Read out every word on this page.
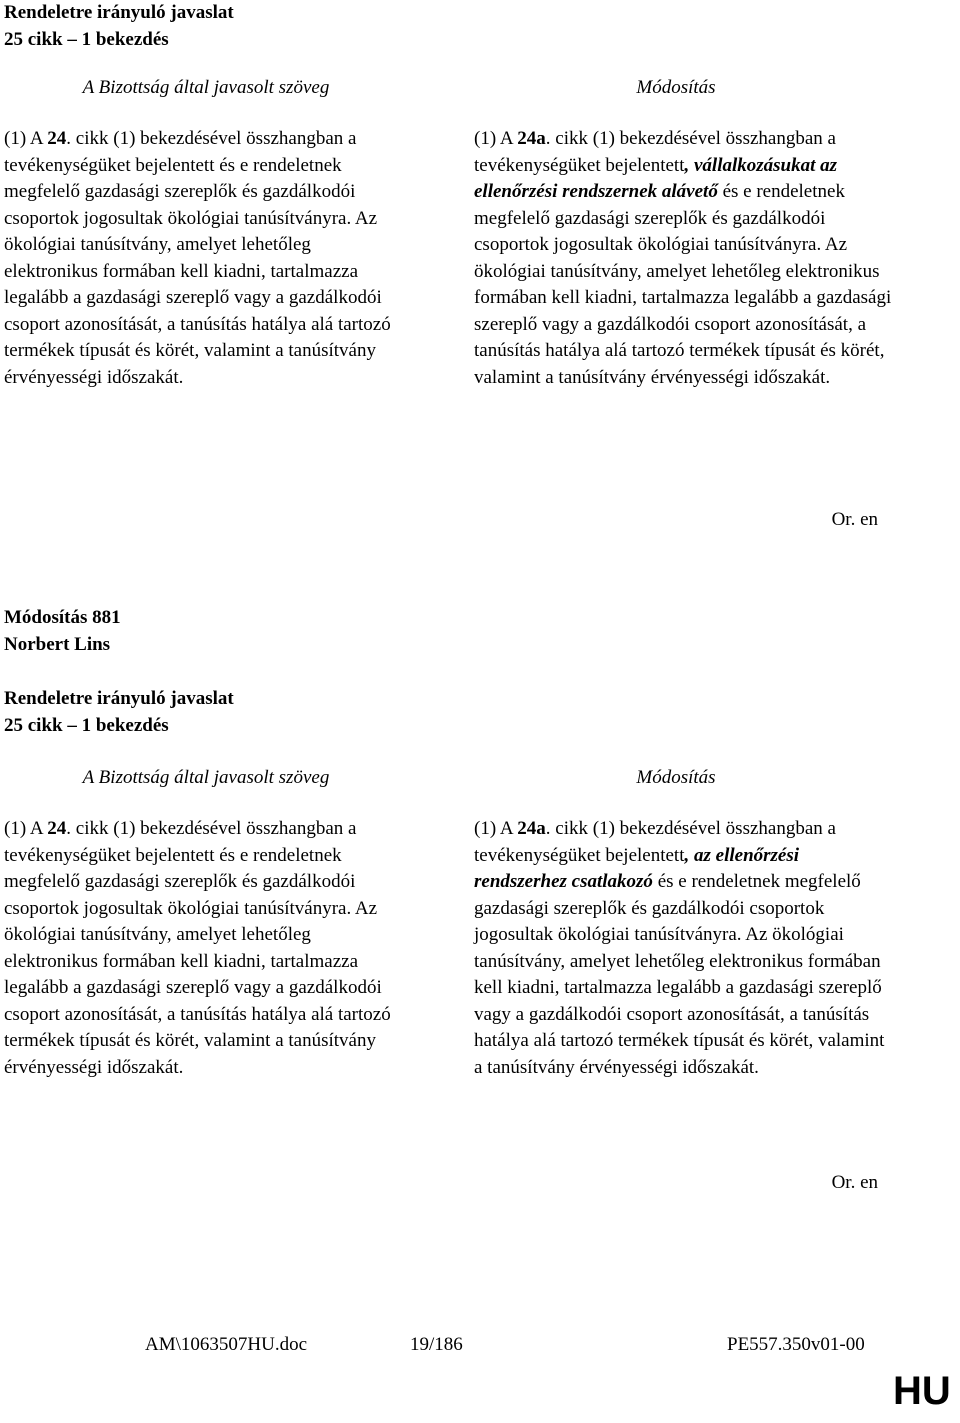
Rendeletre irányuló javaslat

25 cikk – 1 bekezdés

A Bizottság által javasolt szöveg	Módosítás
(1) A 24. cikk (1) bekezdésével összhangban a tevékenységüket bejelentett és e rendeletnek megfelelő gazdasági szereplők és gazdálkodói csoportok jogosultak ökológiai tanúsítványra. Az ökológiai tanúsítvány, amelyet lehetőleg elektronikus formában kell kiadni, tartalmazza legalább a gazdasági szereplő vagy a gazdálkodói csoport azonosítását, a tanúsítás hatálya alá tartozó termékek típusát és körét, valamint a tanúsítvány érvényességi időszakát.
(1) A 24a. cikk (1) bekezdésével összhangban a tevékenységüket bejelentett, vállalkozásukat az ellenőrzési rendszernek alávető és e rendeletnek megfelelő gazdasági szereplők és gazdálkodói csoportok jogosultak ökológiai tanúsítványra. Az ökológiai tanúsítvány, amelyet lehetőleg elektronikus formában kell kiadni, tartalmazza legalább a gazdasági szereplő vagy a gazdálkodói csoport azonosítását, a tanúsítás hatálya alá tartozó termékek típusát és körét, valamint a tanúsítvány érvényességi időszakát.
Or. en

Módosítás 881

Norbert Lins

Rendeletre irányuló javaslat

25 cikk – 1 bekezdés

A Bizottság által javasolt szöveg	Módosítás
(1) A 24. cikk (1) bekezdésével összhangban a tevékenységüket bejelentett és e rendeletnek megfelelő gazdasági szereplők és gazdálkodói csoportok jogosultak ökológiai tanúsítványra. Az ökológiai tanúsítvány, amelyet lehetőleg elektronikus formában kell kiadni, tartalmazza legalább a gazdasági szereplő vagy a gazdálkodói csoport azonosítását, a tanúsítás hatálya alá tartozó termékek típusát és körét, valamint a tanúsítvány érvényességi időszakát.
(1) A 24a. cikk (1) bekezdésével összhangban a tevékenységüket bejelentett, az ellenőrzési rendszerhez csatlakozó és e rendeletnek megfelelő gazdasági szereplők és gazdálkodói csoportok jogosultak ökológiai tanúsítványra. Az ökológiai tanúsítvány, amelyet lehetőleg elektronikus formában kell kiadni, tartalmazza legalább a gazdasági szereplő vagy a gazdálkodói csoport azonosítását, a tanúsítás hatálya alá tartozó termékek típusát és körét, valamint a tanúsítvány érvényességi időszakát.
Or. en
AM\1063507HU.doc	19/186	PE557.350v01-00
HU
